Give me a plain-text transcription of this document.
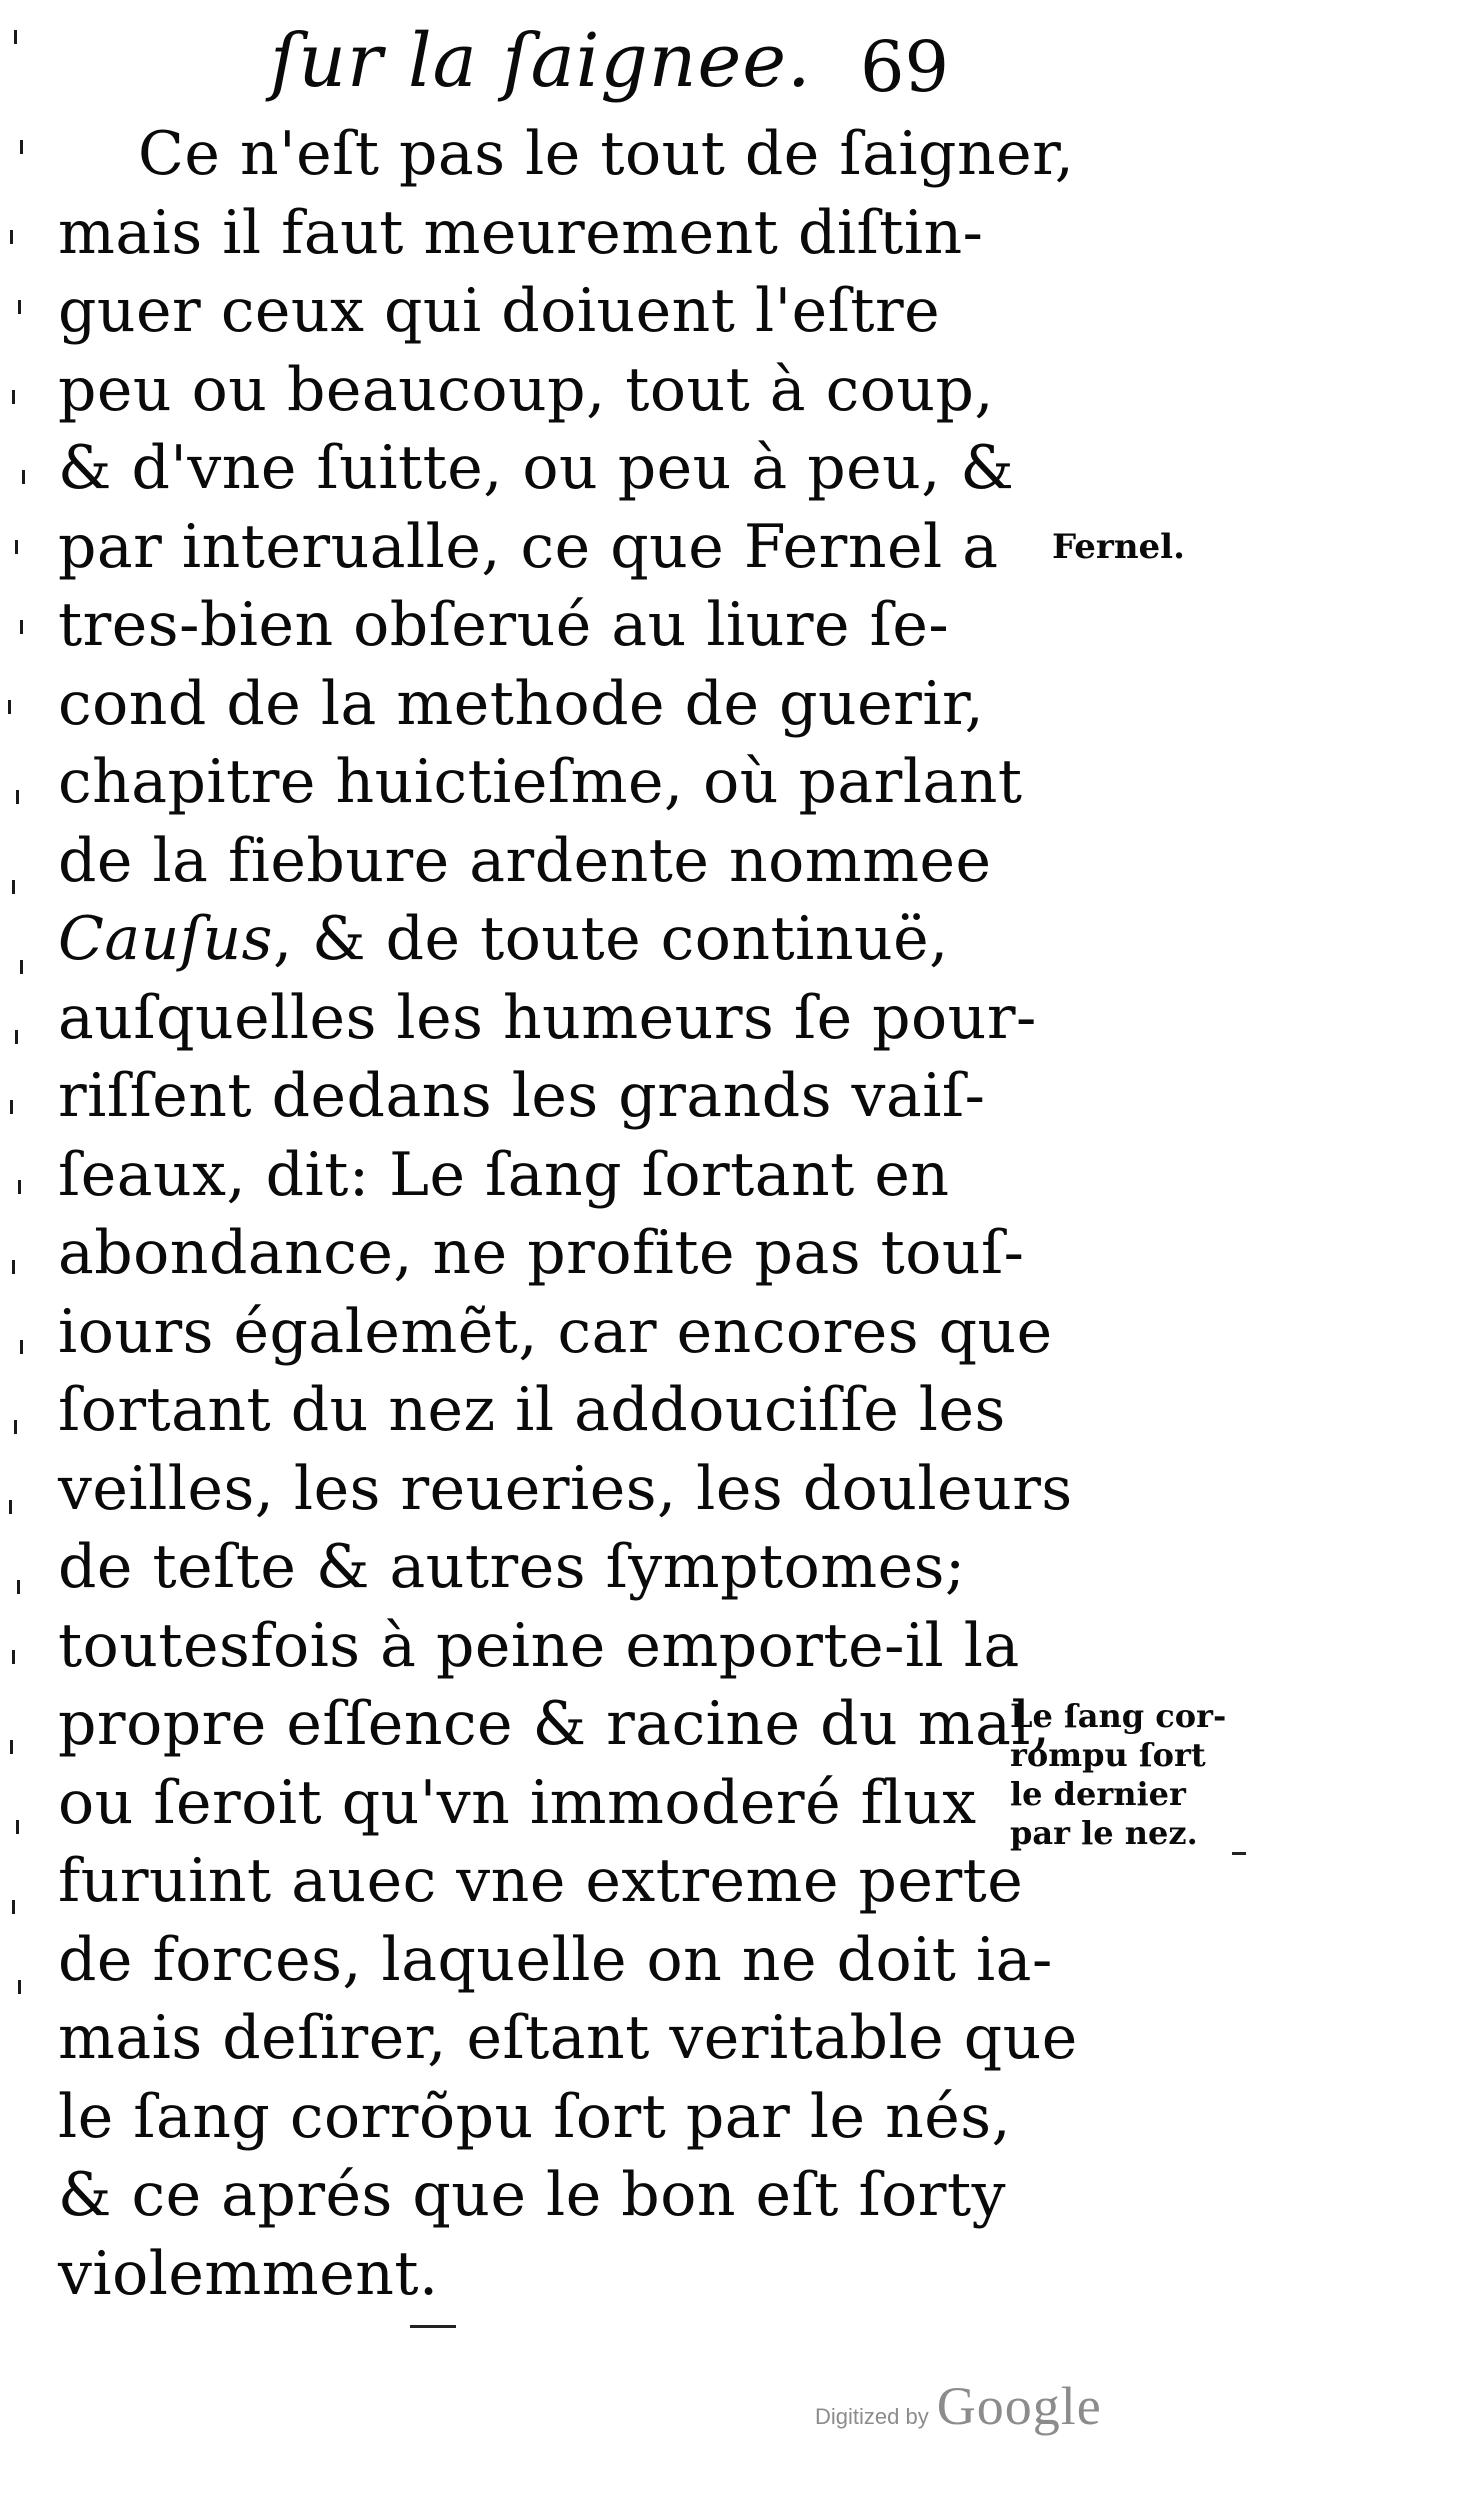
ſur la ſaignee. 69
Ce n'eſt pas le tout de ſaigner,
mais il faut meurement diſtin-
guer ceux qui doiuent l'eſtre
peu ou beaucoup, tout à coup,
& d'vne ſuitte, ou peu à peu, &
par interualle, ce que Fernel a
tres-bien obſerué au liure ſe-
cond de la methode de guerir,
chapitre huictieſme, où parlant
de la fiebure ardente nommee
Cauſus, & de toute continuë,
auſquelles les humeurs ſe pour-
riſſent dedans les grands vaiſ-
ſeaux, dit: Le ſang ſortant en
abondance, ne profite pas touſ-
iours égalemẽt, car encores que
ſortant du nez il addouciſſe les
veilles, les reueries, les douleurs
de teſte & autres ſymptomes;
toutesfois à peine emporte-il la
propre eſſence & racine du mal,
ou ſeroit qu'vn immoderé flux
furuint auec vne extreme perte
de forces, laquelle on ne doit ia-
mais deſirer, eſtant veritable que
le ſang corrõpu ſort par le nés,
& ce aprés que le bon eſt ſorty
violemment.
Fernel.
Le ſang cor-
rompu ſort
le dernier
par le nez.
Digitized by Google
